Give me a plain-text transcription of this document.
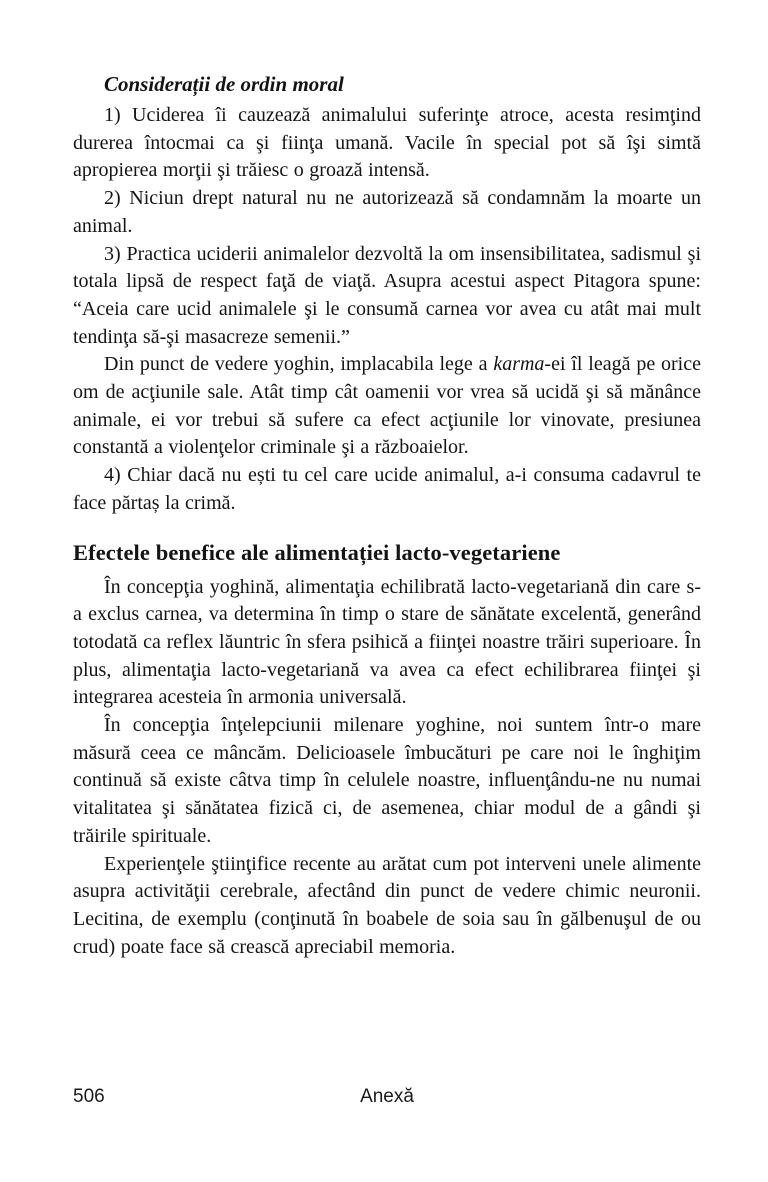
Considerații de ordin moral

1) Uciderea îi cauzează animalului suferinţe atroce, acesta resimţind durerea întocmai ca şi fiinţa umană. Vacile în special pot să îşi simtă apropierea morţii şi trăiesc o groază intensă.

2) Niciun drept natural nu ne autorizează să condamnăm la moarte un animal.

3) Practica uciderii animalelor dezvoltă la om insensibilitatea, sadismul şi totala lipsă de respect faţă de viaţă. Asupra acestui aspect Pitagora spune: “Aceia care ucid animalele şi le consumă carnea vor avea cu atât mai mult tendinţa să-şi masacreze semenii.”

Din punct de vedere yoghin, implacabila lege a karma-ei îl leagă pe orice om de acţiunile sale. Atât timp cât oamenii vor vrea să ucidă şi să mănânce animale, ei vor trebui să sufere ca efect acţiunile lor vinovate, presiunea constantă a violenţelor criminale şi a războaielor.

4) Chiar dacă nu ești tu cel care ucide animalul, a-i consuma cadavrul te face părtaș la crimă.

Efectele benefice ale alimentației lacto-vegetariene

În concepţia yoghină, alimentaţia echilibrată lacto-vegetariană din care s-a exclus carnea, va determina în timp o stare de sănătate excelentă, generând totodată ca reflex lăuntric în sfera psihică a fiinţei noastre trăiri superioare. În plus, alimentaţia lacto-vegetariană va avea ca efect echilibrarea fiinţei şi integrarea acesteia în armonia universală.

În concepţia înţelepciunii milenare yoghine, noi suntem într-o mare măsură ceea ce mâncăm. Delicioasele îmbucături pe care noi le înghiţim continuă să existe câtva timp în celulele noastre, influenţându-ne nu numai vitalitatea şi sănătatea fizică ci, de asemenea, chiar modul de a gândi şi trăirile spirituale.

Experienţele ştiinţifice recente au arătat cum pot interveni unele alimente asupra activităţii cerebrale, afectând din punct de vedere chimic neuronii. Lecitina, de exemplu (conţinută în boabele de soia sau în gălbenuşul de ou crud) poate face să crească apreciabil memoria.

506	Anexă
